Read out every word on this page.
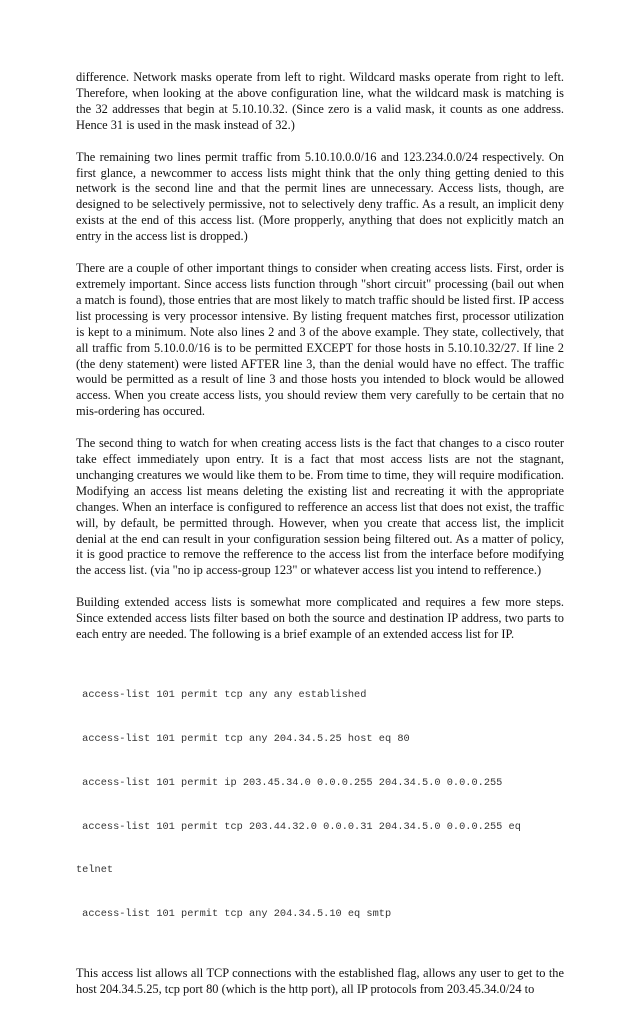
difference. Network masks operate from left to right. Wildcard masks operate from right to left. Therefore, when looking at the above configuration line, what the wildcard mask is matching is the 32 addresses that begin at 5.10.10.32. (Since zero is a valid mask, it counts as one address. Hence 31 is used in the mask instead of 32.)

The remaining two lines permit traffic from 5.10.10.0.0/16 and 123.234.0.0/24 respectively. On first glance, a newcommer to access lists might think that the only thing getting denied to this network is the second line and that the permit lines are unnecessary. Access lists, though, are designed to be selectively permissive, not to selectively deny traffic. As a result, an implicit deny exists at the end of this access list. (More propperly, anything that does not explicitly match an entry in the access list is dropped.)

There are a couple of other important things to consider when creating access lists. First, order is extremely important. Since access lists function through "short circuit" processing (bail out when a match is found), those entries that are most likely to match traffic should be listed first. IP access list processing is very processor intensive. By listing frequent matches first, processor utilization is kept to a minimum. Note also lines 2 and 3 of the above example. They state, collectively, that all traffic from 5.10.0.0/16 is to be permitted EXCEPT for those hosts in 5.10.10.32/27. If line 2 (the deny statement) were listed AFTER line 3, than the denial would have no effect. The traffic would be permitted as a result of line 3 and those hosts you intended to block would be allowed access. When you create access lists, you should review them very carefully to be certain that no mis-ordering has occured.

The second thing to watch for when creating access lists is the fact that changes to a cisco router take effect immediately upon entry. It is a fact that most access lists are not the stagnant, unchanging creatures we would like them to be. From time to time, they will require modification. Modifying an access list means deleting the existing list and recreating it with the appropriate changes. When an interface is configured to refference an access list that does not exist, the traffic will, by default, be permitted through. However, when you create that access list, the implicit denial at the end can result in your configuration session being filtered out. As a matter of policy, it is good practice to remove the refference to the access list from the interface before modifying the access list. (via "no ip access-group 123" or whatever access list you intend to refference.)

Building extended access lists is somewhat more complicated and requires a few more steps. Since extended access lists filter based on both the source and destination IP address, two parts to each entry are needed. The following is a brief example of an extended access list for IP.

access-list 101 permit tcp any any established

access-list 101 permit tcp any 204.34.5.25 host eq 80

access-list 101 permit ip 203.45.34.0 0.0.0.255 204.34.5.0 0.0.0.255

access-list 101 permit tcp 203.44.32.0 0.0.0.31 204.34.5.0 0.0.0.255 eq

telnet

access-list 101 permit tcp any 204.34.5.10 eq smtp

This access list allows all TCP connections with the established flag, allows any user to get to the host 204.34.5.25, tcp port 80 (which is the http port), all IP protocols from 203.45.34.0/24 to
